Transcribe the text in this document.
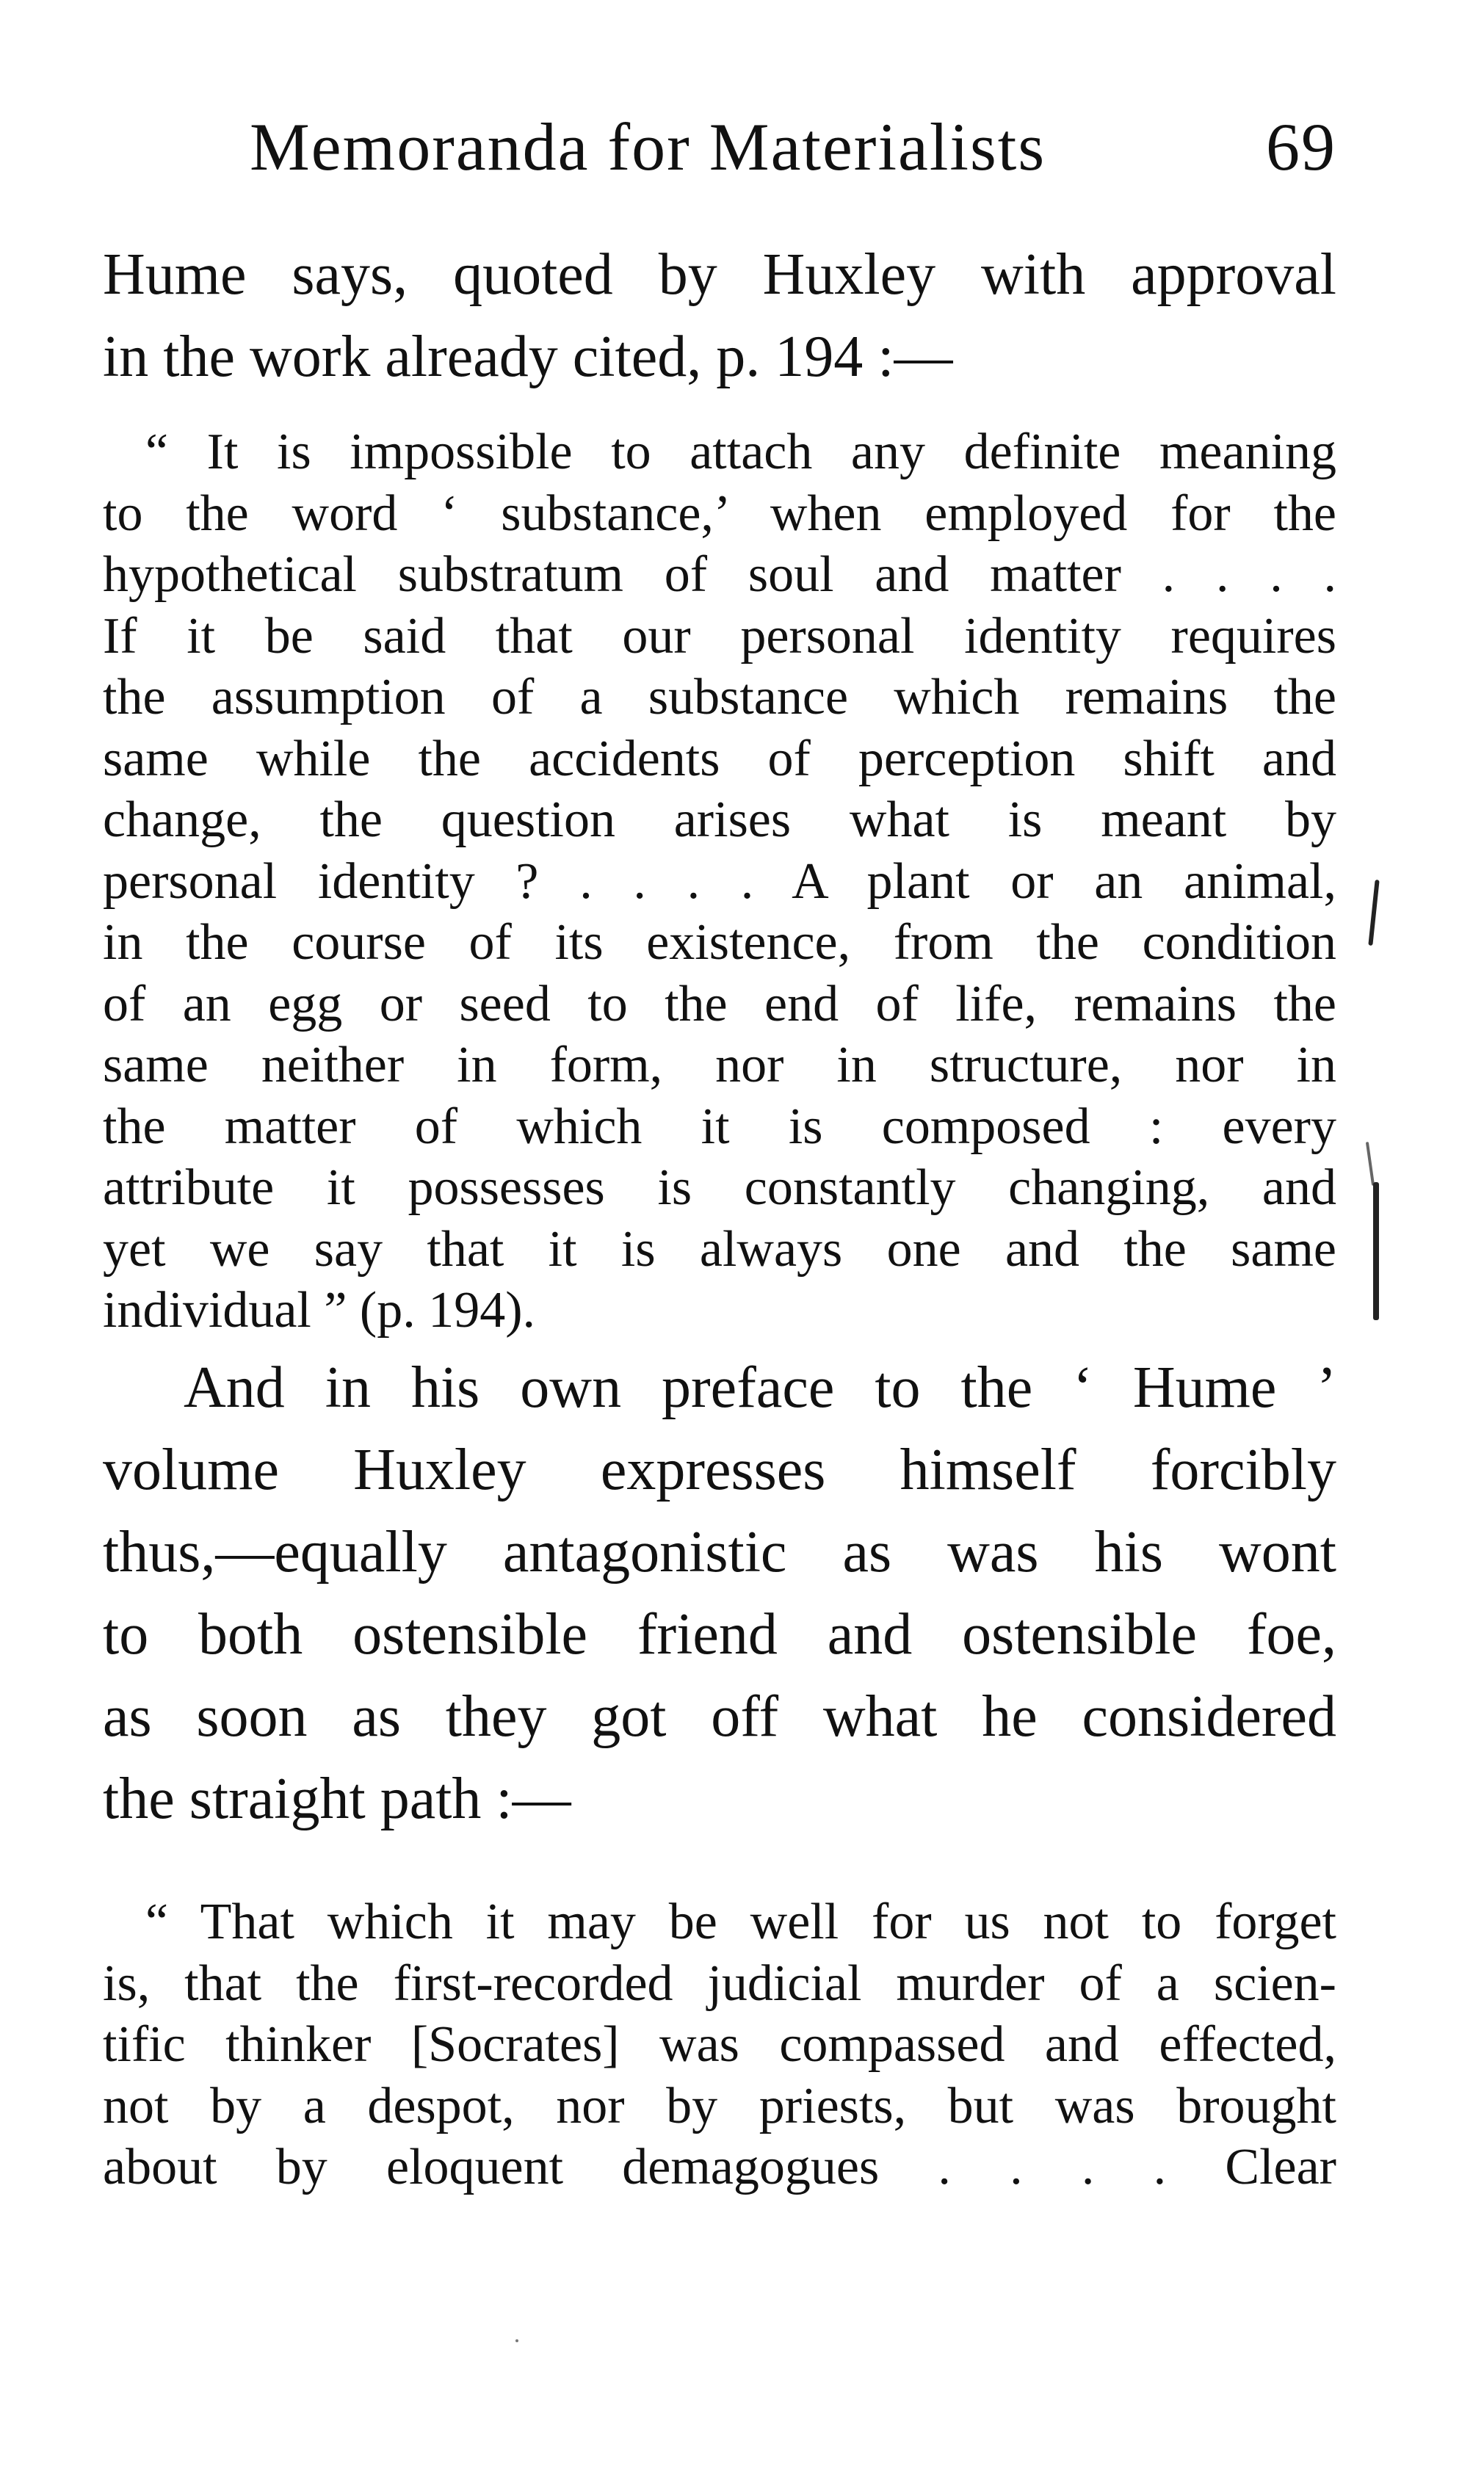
Memoranda for Materialists	69
Hume says, quoted by Huxley with approval
in the work already cited, p. 194 :—
“ It is impossible to attach any definite meaning
to the word ‘ substance,’ when employed for the
hypothetical substratum of soul and matter . . . .
If it be said that our personal identity requires
the assumption of a substance which remains the
same while the accidents of perception shift and
change, the question arises what is meant by
personal identity ? . . . . A plant or an animal,
in the course of its existence, from the condition
of an egg or seed to the end of life, remains the
same neither in form, nor in structure, nor in
the matter of which it is composed : every
attribute it possesses is constantly changing, and
yet we say that it is always one and the same
individual ” (p. 194).
And in his own preface to the ‘ Hume ’
volume Huxley expresses himself forcibly
thus,—equally antagonistic as was his wont
to both ostensible friend and ostensible foe,
as soon as they got off what he considered
the straight path :—
“ That which it may be well for us not to forget
is, that the first-recorded judicial murder of a scien-
tific thinker [Socrates] was compassed and effected,
not by a despot, nor by priests, but was brought
about by eloquent demagogues . . . . Clear
